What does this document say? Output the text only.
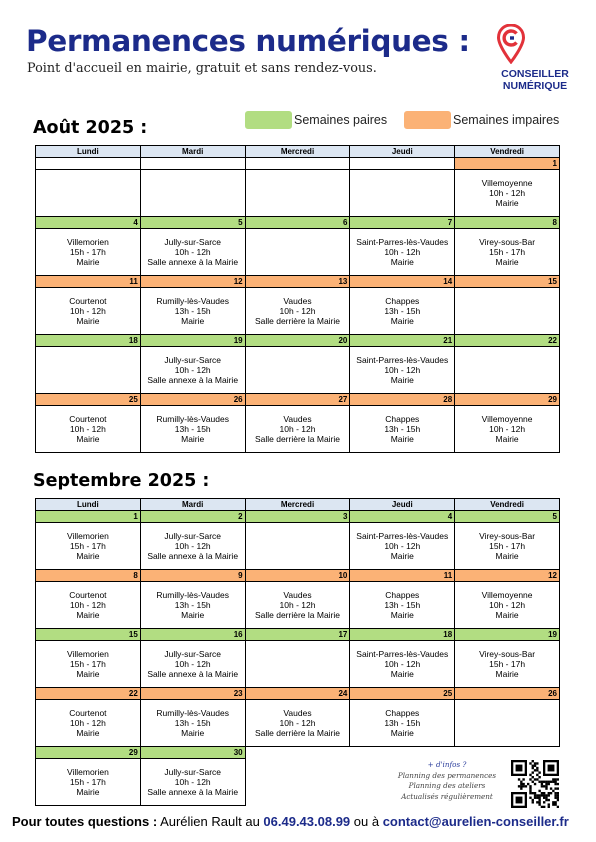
Permanences numériques :
Point d'accueil en mairie, gratuit et sans rendez-vous.	CONSEILLER
NUMÉRIQUE
Semaines paires	Semaines impaires
Août 2025 :
Lundi	Mardi	Mercredi	Jeudi	Vendredi
				1

				Villemoyenne
10h - 12h
Mairie

4	5	6	7	8

Villemorien
15h - 17h
Mairie	Jully-sur-Sarce
10h - 12h
Salle annexe à la Mairie		Saint-Parres-lès-Vaudes
10h - 12h
Mairie	Virey-sous-Bar
15h - 17h
Mairie

11	12	13	14	15

Courtenot
10h - 12h
Mairie	Rumilly-lès-Vaudes
13h - 15h
Mairie	Vaudes
10h - 12h
Salle derrière la Mairie	Chappes
13h - 15h
Mairie	

18	19	20	21	22

	Jully-sur-Sarce
10h - 12h
Salle annexe à la Mairie		Saint-Parres-lès-Vaudes
10h - 12h
Mairie	

25	26	27	28	29

Courtenot
10h - 12h
Mairie	Rumilly-lès-Vaudes
13h - 15h
Mairie	Vaudes
10h - 12h
Salle derrière la Mairie	Chappes
13h - 15h
Mairie	Villemoyenne
10h - 12h
Mairie
Septembre 2025 :
Lundi	Mardi	Mercredi	Jeudi	Vendredi
1	2	3	4	5

Villemorien
15h - 17h
Mairie	Jully-sur-Sarce
10h - 12h
Salle annexe à la Mairie		Saint-Parres-lès-Vaudes
10h - 12h
Mairie	Virey-sous-Bar
15h - 17h
Mairie

8	9	10	11	12

Courtenot
10h - 12h
Mairie	Rumilly-lès-Vaudes
13h - 15h
Mairie	Vaudes
10h - 12h
Salle derrière la Mairie	Chappes
13h - 15h
Mairie	Villemoyenne
10h - 12h
Mairie

15	16	17	18	19

Villemorien
15h - 17h
Mairie	Jully-sur-Sarce
10h - 12h
Salle annexe à la Mairie		Saint-Parres-lès-Vaudes
10h - 12h
Mairie	Virey-sous-Bar
15h - 17h
Mairie

22	23	24	25	26

Courtenot
10h - 12h
Mairie	Rumilly-lès-Vaudes
13h - 15h
Mairie	Vaudes
10h - 12h
Salle derrière la Mairie	Chappes
13h - 15h
Mairie	

29	30			

Villemorien
15h - 17h
Mairie	Jully-sur-Sarce
10h - 12h
Salle annexe à la Mairie			
+ d'infos ?
Planning des permanences
Planning des ateliers
Actualisés régulièrement
Pour toutes questions : Aurélien Rault au 06.49.43.08.99 ou à contact@aurelien-conseiller.fr
